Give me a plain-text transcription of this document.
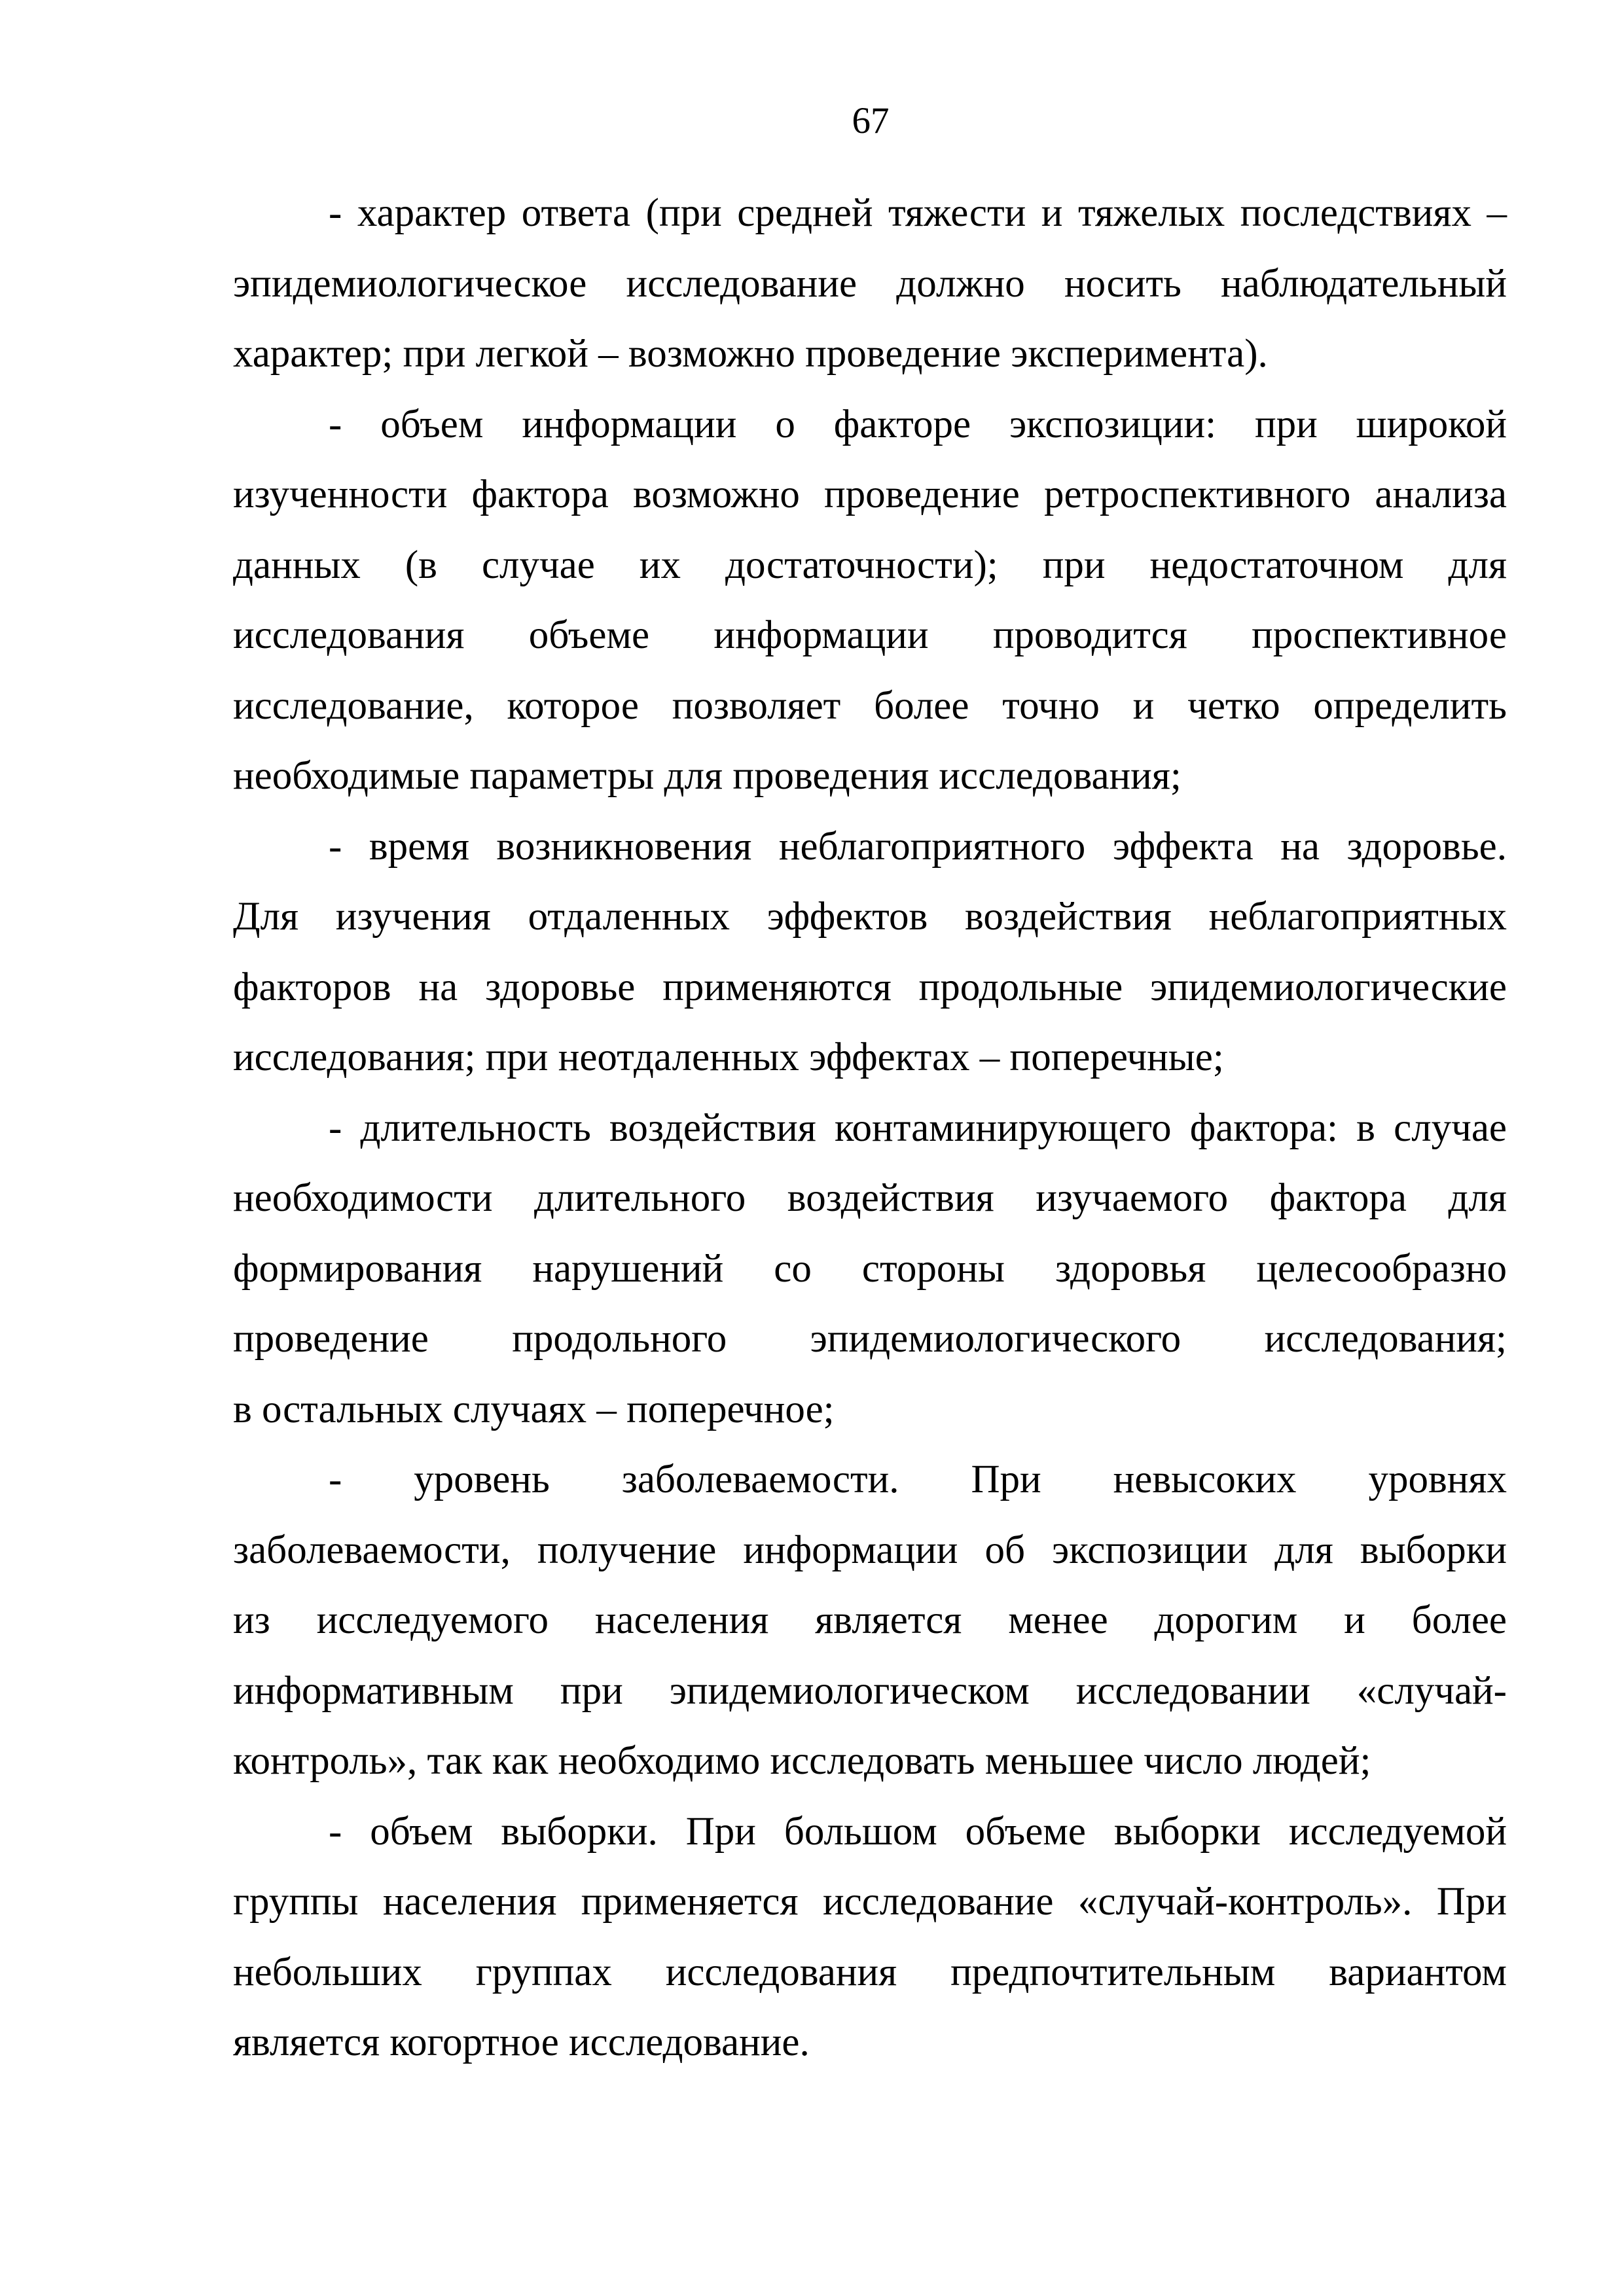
67

- характер ответа (при средней тяжести и тяжелых последствиях –
эпидемиологическое исследование должно носить наблюдательный
характер; при легкой – возможно проведение эксперимента).

- объем информации о факторе экспозиции: при широкой
изученности фактора возможно проведение ретроспективного анализа
данных (в случае их достаточности); при недостаточном для
исследования объеме информации проводится проспективное
исследование, которое позволяет более точно и четко определить
необходимые параметры для проведения исследования;

- время возникновения неблагоприятного эффекта на здоровье.
Для изучения отдаленных эффектов воздействия неблагоприятных
факторов на здоровье применяются продольные эпидемиологические
исследования; при неотдаленных эффектах – поперечные;

- длительность воздействия контаминирующего фактора: в случае
необходимости длительного воздействия изучаемого фактора для
формирования нарушений со стороны здоровья целесообразно
проведение продольного эпидемиологического исследования;
в остальных случаях – поперечное;

- уровень заболеваемости. При невысоких уровнях
заболеваемости, получение информации об экспозиции для выборки
из исследуемого населения является менее дорогим и более
информативным при эпидемиологическом исследовании «случай-
контроль», так как необходимо исследовать меньшее число людей;

- объем выборки. При большом объеме выборки исследуемой
группы населения применяется исследование «случай-контроль». При
небольших группах исследования предпочтительным вариантом
является когортное исследование.
